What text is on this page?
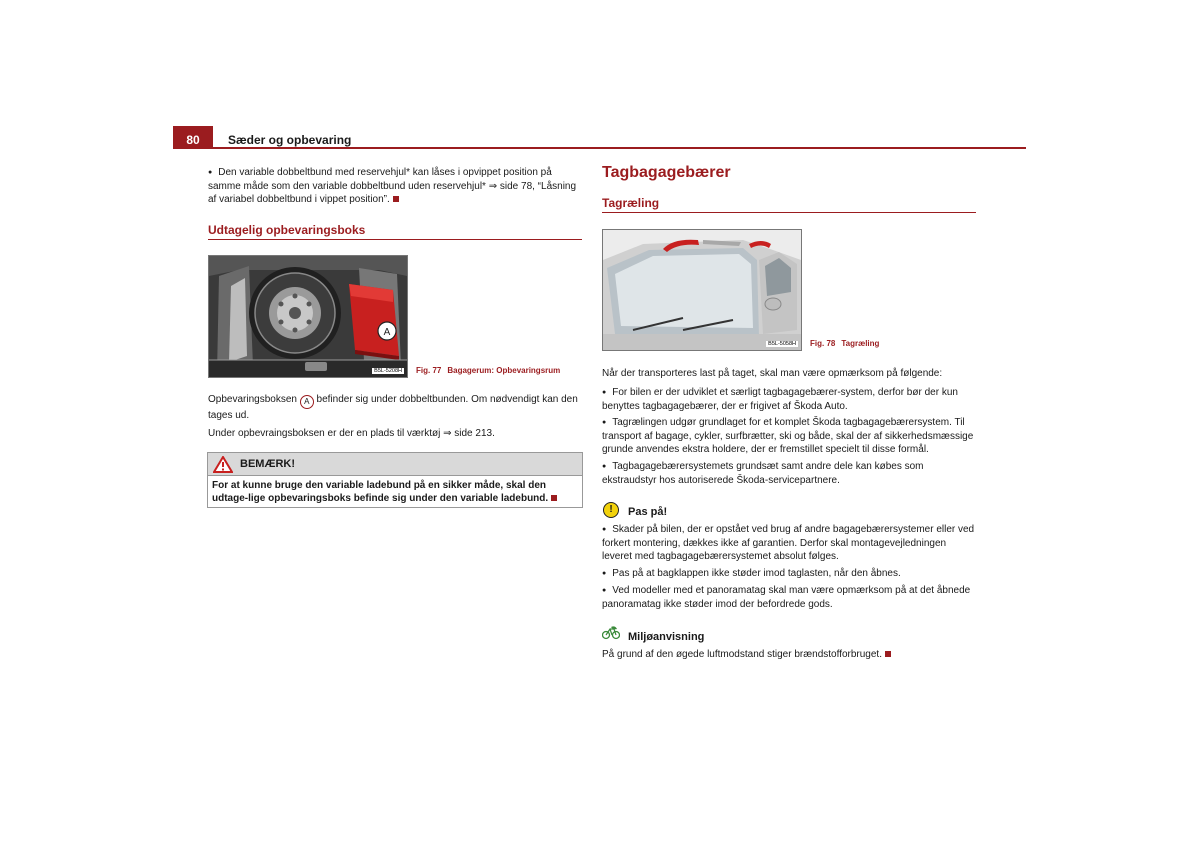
80	Sæder og opbevaring
● Den variable dobbeltbund med reservehjul* kan låses i opvippet position på samme måde som den variable dobbeltbund uden reservehjul* ⇒ side 78, “Låsning af variabel dobbeltbund i vippet position”.
Udtagelig opbevaringsboks
A
B5L-5208H Fig. 77 Bagagerum: Opbevaringsrum
Opbevaringsboksen A befinder sig under dobbeltbunden. Om nødvendigt kan den tages ud.
Under opbevraingsboksen er der en plads til værktøj ⇒ side 213.
BEMÆRK!
For at kunne bruge den variable ladebund på en sikker måde, skal den udtage-lige opbevaringsboks befinde sig under den variable ladebund.
Tagbagagebærer
Tagræling
B5L-5058H Fig. 78 Tagræling
Når der transporteres last på taget, skal man være opmærksom på følgende:
● For bilen er der udviklet et særligt tagbagagebærer-system, derfor bør der kun benyttes tagbagagebærer, der er frigivet af Škoda Auto.
● Tagrælingen udgør grundlaget for et komplet Škoda tagbagagebærersystem. Til transport af bagage, cykler, surfbrætter, ski og både, skal der af sikkerhedsmæssige grunde anvendes ekstra holdere, der er fremstillet specielt til disse formål.
● Tagbagagebærersystemets grundsæt samt andre dele kan købes som ekstraudstyr hos autoriserede Škoda-servicepartnere.
!	Pas på!
● Skader på bilen, der er opstået ved brug af andre bagagebærersystemer eller ved forkert montering, dækkes ikke af garantien. Derfor skal montagevejledningen leveret med tagbagagebærersystemet absolut følges.
● Pas på at bagklappen ikke støder imod taglasten, når den åbnes.
● Ved modeller med et panoramatag skal man være opmærksom på at det åbnede panoramatag ikke støder imod der befordrede gods.
Miljøanvisning
På grund af den øgede luftmodstand stiger brændstofforbruget.
